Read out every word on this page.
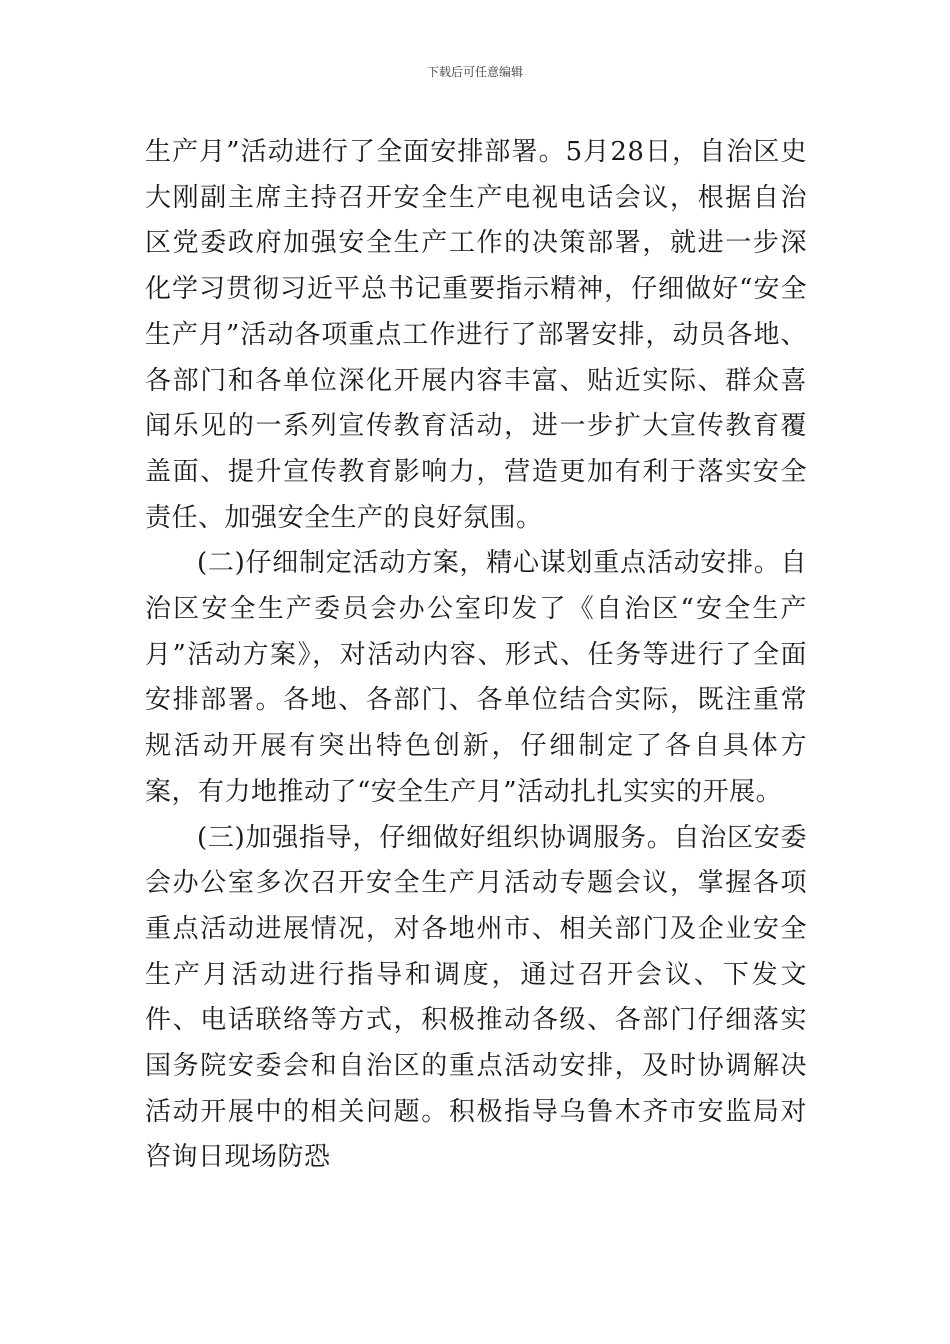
下载后可任意编辑

生产月”活动进行了全面安排部署。5月28日，自治区史大刚副主席主持召开安全生产电视电话会议，根据自治区党委政府加强安全生产工作的决策部署，就进一步深化学习贯彻习近平总书记重要指示精神，仔细做好“安全生产月”活动各项重点工作进行了部署安排，动员各地、各部门和各单位深化开展内容丰富、贴近实际、群众喜闻乐见的一系列宣传教育活动，进一步扩大宣传教育覆盖面、提升宣传教育影响力，营造更加有利于落实安全责任、加强安全生产的良好氛围。

(二)仔细制定活动方案，精心谋划重点活动安排。自治区安全生产委员会办公室印发了《自治区“安全生产月”活动方案》，对活动内容、形式、任务等进行了全面安排部署。各地、各部门、各单位结合实际，既注重常规活动开展有突出特色创新，仔细制定了各自具体方案，有力地推动了“安全生产月”活动扎扎实实的开展。

(三)加强指导，仔细做好组织协调服务。自治区安委会办公室多次召开安全生产月活动专题会议，掌握各项重点活动进展情况，对各地州市、相关部门及企业安全生产月活动进行指导和调度，通过召开会议、下发文件、电话联络等方式，积极推动各级、各部门仔细落实国务院安委会和自治区的重点活动安排，及时协调解决活动开展中的相关问题。积极指导乌鲁木齐市安监局对咨询日现场防恐
